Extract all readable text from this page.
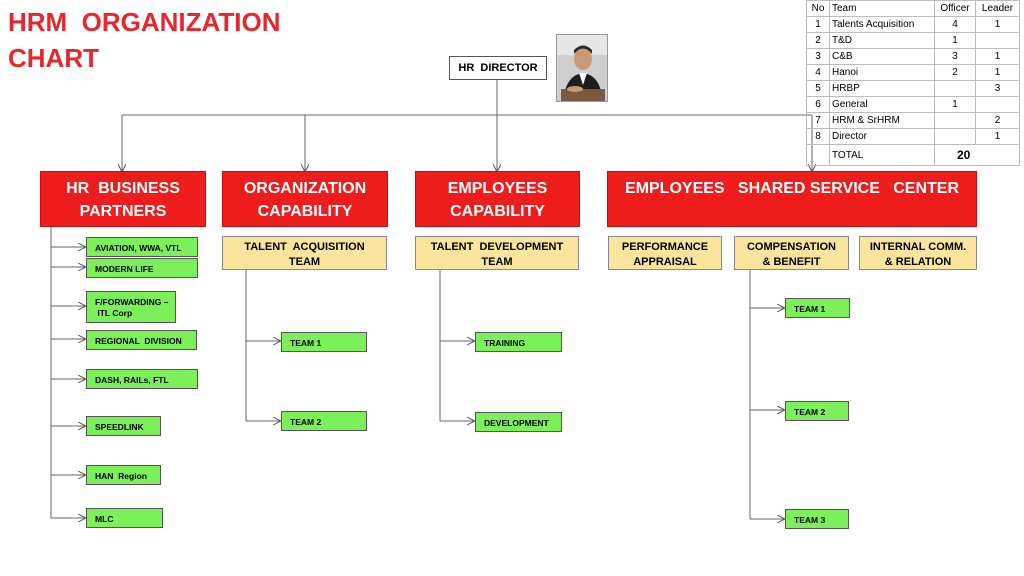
HRM  ORGANIZATION
CHART	HR  DIRECTOR
No	Team	Officer	Leader
1	Talents Acquisition	4	1
2	T&D	1	
3	C&B	3	1
4	Hanoi	2	1
5	HRBP		3
6	General	1	
7	HRM & SrHRM		2
8	Director		1
	TOTAL	20	
HR  BUSINESS
PARTNERS
ORGANIZATION
CAPABILITY
EMPLOYEES
CAPABILITY
EMPLOYEES   SHARED SERVICE   CENTER
TALENT  ACQUISITION
TEAM
TALENT  DEVELOPMENT
TEAM
PERFORMANCE
APPRAISAL
COMPENSATION
& BENEFIT
INTERNAL COMM.
& RELATION
AVIATION, WWA, VTL
MODERN LIFE
F/FORWARDING –
ITL Corp
REGIONAL  DIVISION
DASH, RAILs, FTL
SPEEDLINK
HAN  Region
MLC
TEAM 1
TEAM 2
TRAINING
DEVELOPMENT
TEAM 1
TEAM 2
TEAM 3
